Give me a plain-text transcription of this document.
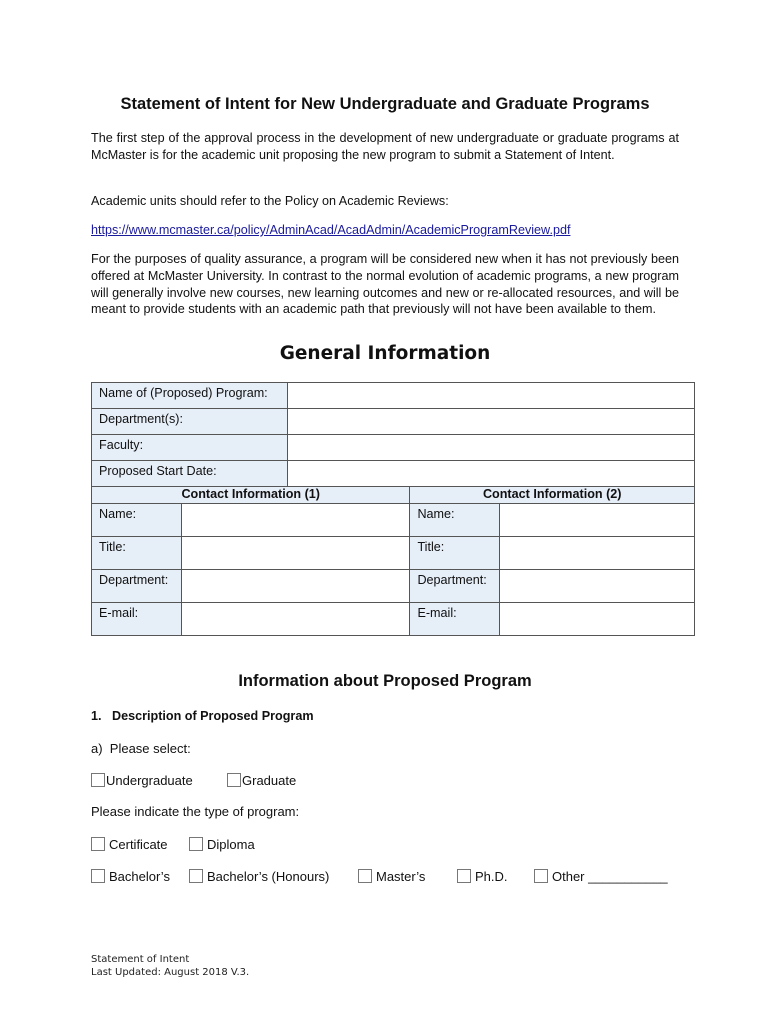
Statement of Intent for New Undergraduate and Graduate Programs
The first step of the approval process in the development of new undergraduate or graduate programs at McMaster is for the academic unit proposing the new program to submit a Statement of Intent.
Academic units should refer to the Policy on Academic Reviews:
https://www.mcmaster.ca/policy/AdminAcad/AcadAdmin/AcademicProgramReview.pdf
For the purposes of quality assurance, a program will be considered new when it has not previously been offered at McMaster University. In contrast to the normal evolution of academic programs, a new program will generally involve new courses, new learning outcomes and new or re-allocated resources, and will be meant to provide students with an academic path that previously will not have been available to them.
General Information
Name of (Proposed) Program:				
Department(s):				
Faculty:				
Proposed Start Date:				
Contact Information (1)			Contact Information (2)	
Name:			Name:	
Title:			Title:	
Department:			Department:	
E-mail:			E-mail:	
Information about Proposed Program
1.   Description of Proposed Program
a)  Please select:
Undergraduate	Graduate
Please indicate the type of program:
Certificate	Diploma
Bachelor’s	Bachelor’s (Honours)	Master’s	Ph.D.	Other ___________
Statement of Intent
Last Updated: August 2018 V.3.
